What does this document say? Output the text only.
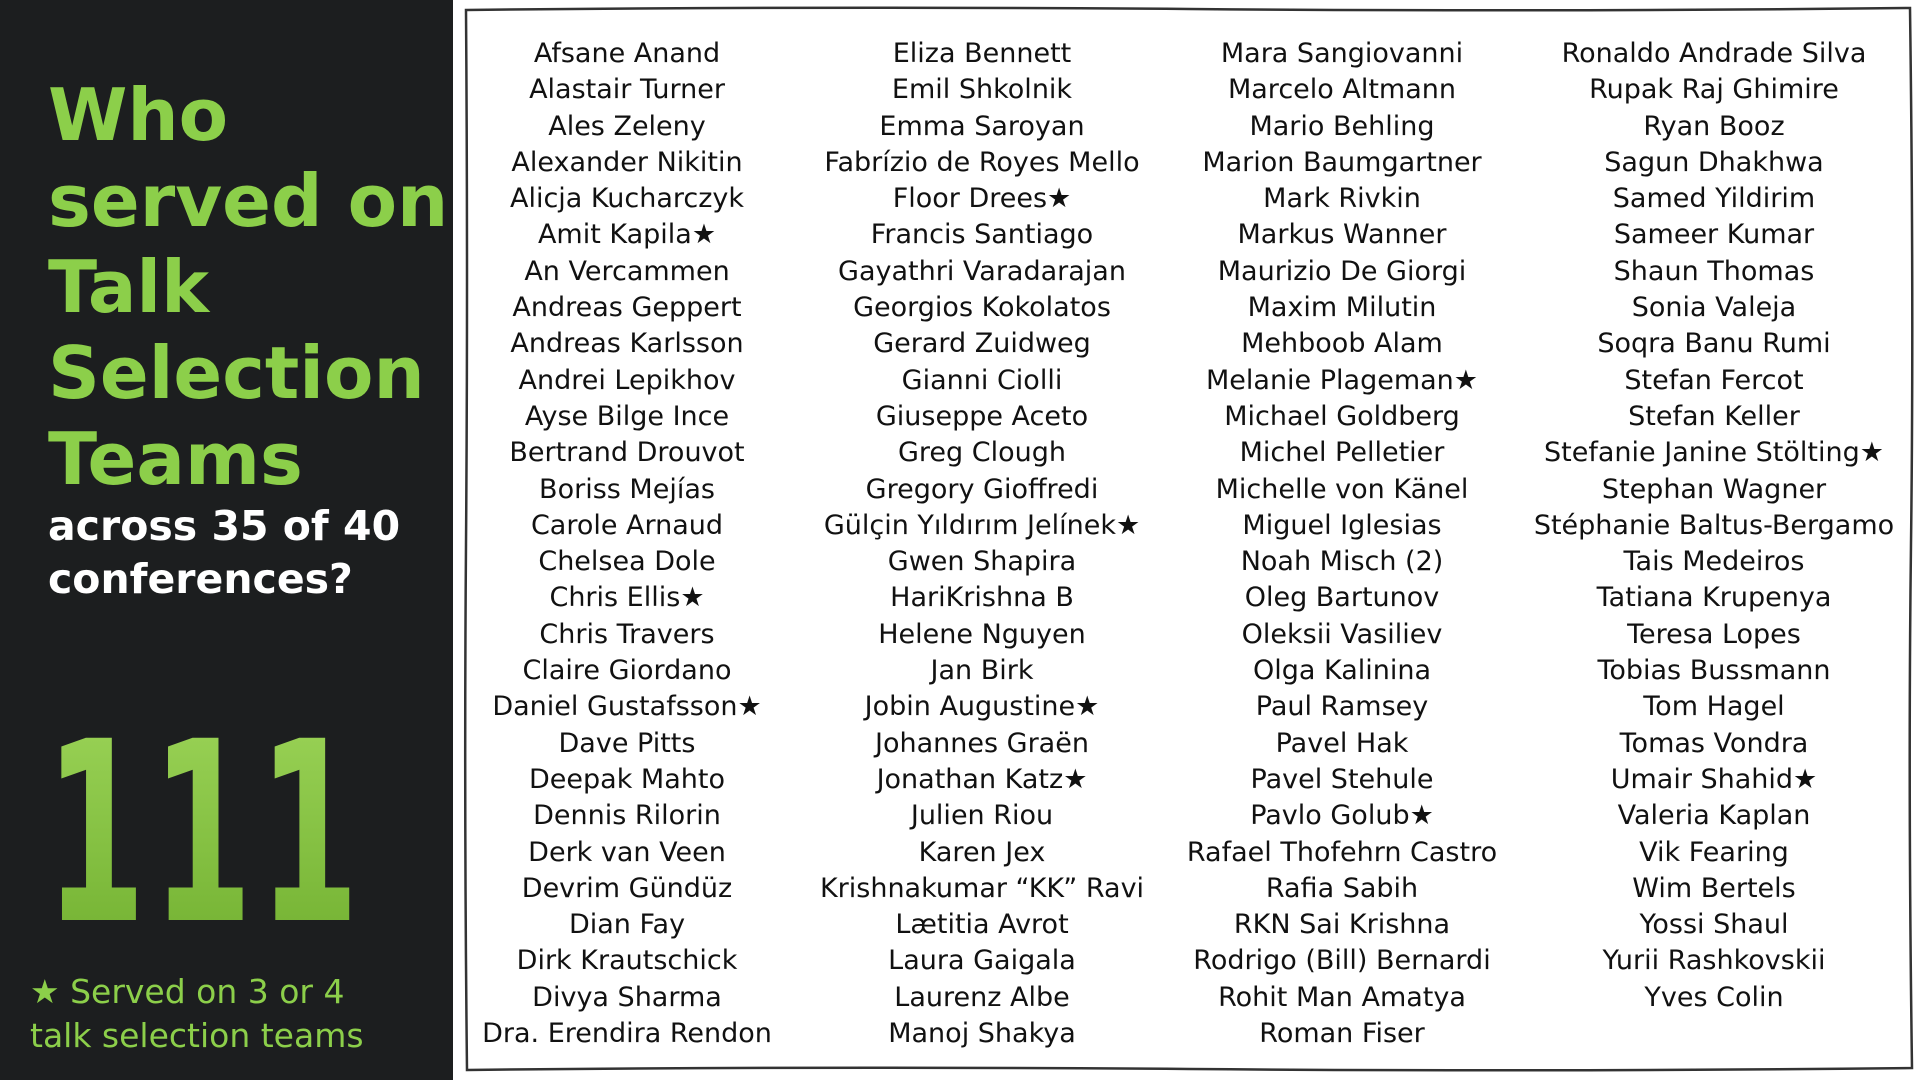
Who
served on
Talk
Selection
Teams
across 35 of 40
conferences?
111
★ Served on 3 or 4
talk selection teams
Afsane Anand
Alastair Turner
Ales Zeleny
Alexander Nikitin
Alicja Kucharczyk
Amit Kapila★
An Vercammen
Andreas Geppert
Andreas Karlsson
Andrei Lepikhov
Ayse Bilge Ince
Bertrand Drouvot
Boriss Mejías
Carole Arnaud
Chelsea Dole
Chris Ellis★
Chris Travers
Claire Giordano
Daniel Gustafsson★
Dave Pitts
Deepak Mahto
Dennis Rilorin
Derk van Veen
Devrim Gündüz
Dian Fay
Dirk Krautschick
Divya Sharma
Dra. Erendira Rendon
Eliza Bennett
Emil Shkolnik
Emma Saroyan
Fabrízio de Royes Mello
Floor Drees★
Francis Santiago
Gayathri Varadarajan
Georgios Kokolatos
Gerard Zuidweg
Gianni Ciolli
Giuseppe Aceto
Greg Clough
Gregory Gioffredi
Gülçin Yıldırım Jelínek★
Gwen Shapira
HariKrishna B
Helene Nguyen
Jan Birk
Jobin Augustine★
Johannes Graën
Jonathan Katz★
Julien Riou
Karen Jex
Krishnakumar “KK” Ravi
Lætitia Avrot
Laura Gaigala
Laurenz Albe
Manoj Shakya
Mara Sangiovanni
Marcelo Altmann
Mario Behling
Marion Baumgartner
Mark Rivkin
Markus Wanner
Maurizio De Giorgi
Maxim Milutin
Mehboob Alam
Melanie Plageman★
Michael Goldberg
Michel Pelletier
Michelle von Känel
Miguel Iglesias
Noah Misch (2)
Oleg Bartunov
Oleksii Vasiliev
Olga Kalinina
Paul Ramsey
Pavel Hak
Pavel Stehule
Pavlo Golub★
Rafael Thofehrn Castro
Rafia Sabih
RKN Sai Krishna
Rodrigo (Bill) Bernardi
Rohit Man Amatya
Roman Fiser
Ronaldo Andrade Silva
Rupak Raj Ghimire
Ryan Booz
Sagun Dhakhwa
Samed Yildirim
Sameer Kumar
Shaun Thomas
Sonia Valeja
Soqra Banu Rumi
Stefan Fercot
Stefan Keller
Stefanie Janine Stölting★
Stephan Wagner
Stéphanie Baltus-Bergamo
Tais Medeiros
Tatiana Krupenya
Teresa Lopes
Tobias Bussmann
Tom Hagel
Tomas Vondra
Umair Shahid★
Valeria Kaplan
Vik Fearing
Wim Bertels
Yossi Shaul
Yurii Rashkovskii
Yves Colin
